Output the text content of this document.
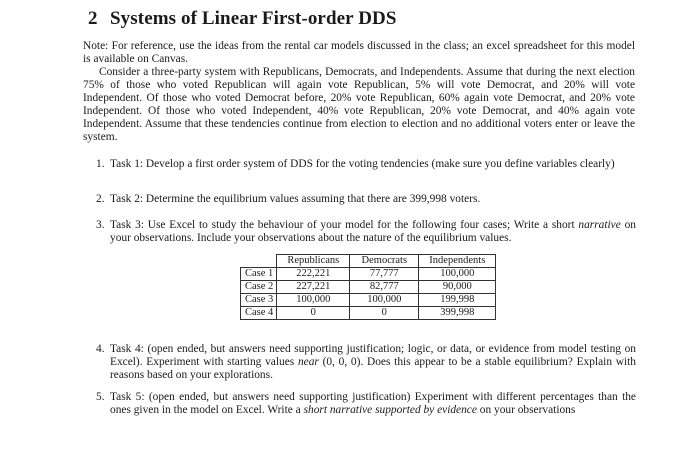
2 Systems of Linear First-order DDS
Note: For reference, use the ideas from the rental car models discussed in the class; an excel spreadsheet for this model is available on Canvas.
Consider a three-party system with Republicans, Democrats, and Independents. Assume that during the next election 75% of those who voted Republican will again vote Republican, 5% will vote Democrat, and 20% will vote Independent. Of those who voted Democrat before, 20% vote Republican, 60% again vote Democrat, and 20% vote Independent. Of those who voted Independent, 40% vote Republican, 20% vote Democrat, and 40% again vote Independent. Assume that these tendencies continue from election to election and no additional voters enter or leave the system.
1. Task 1: Develop a first order system of DDS for the voting tendencies (make sure you define variables clearly)
2. Task 2: Determine the equilibrium values assuming that there are 399,998 voters.
3. Task 3: Use Excel to study the behaviour of your model for the following four cases; Write a short narrative on your observations. Include your observations about the nature of the equilibrium values.
	Republicans	Democrats	Independents
Case 1	222,221	77,777	100,000
Case 2	227,221	82,777	90,000
Case 3	100,000	100,000	199,998
Case 4	0	0	399,998
4. Task 4: (open ended, but answers need supporting justification; logic, or data, or evidence from model testing on Excel). Experiment with starting values near (0, 0, 0). Does this appear to be a stable equilibrium? Explain with reasons based on your explorations.
5. Task 5: (open ended, but answers need supporting justification) Experiment with different percentages than the ones given in the model on Excel. Write a short narrative supported by evidence on your observations
